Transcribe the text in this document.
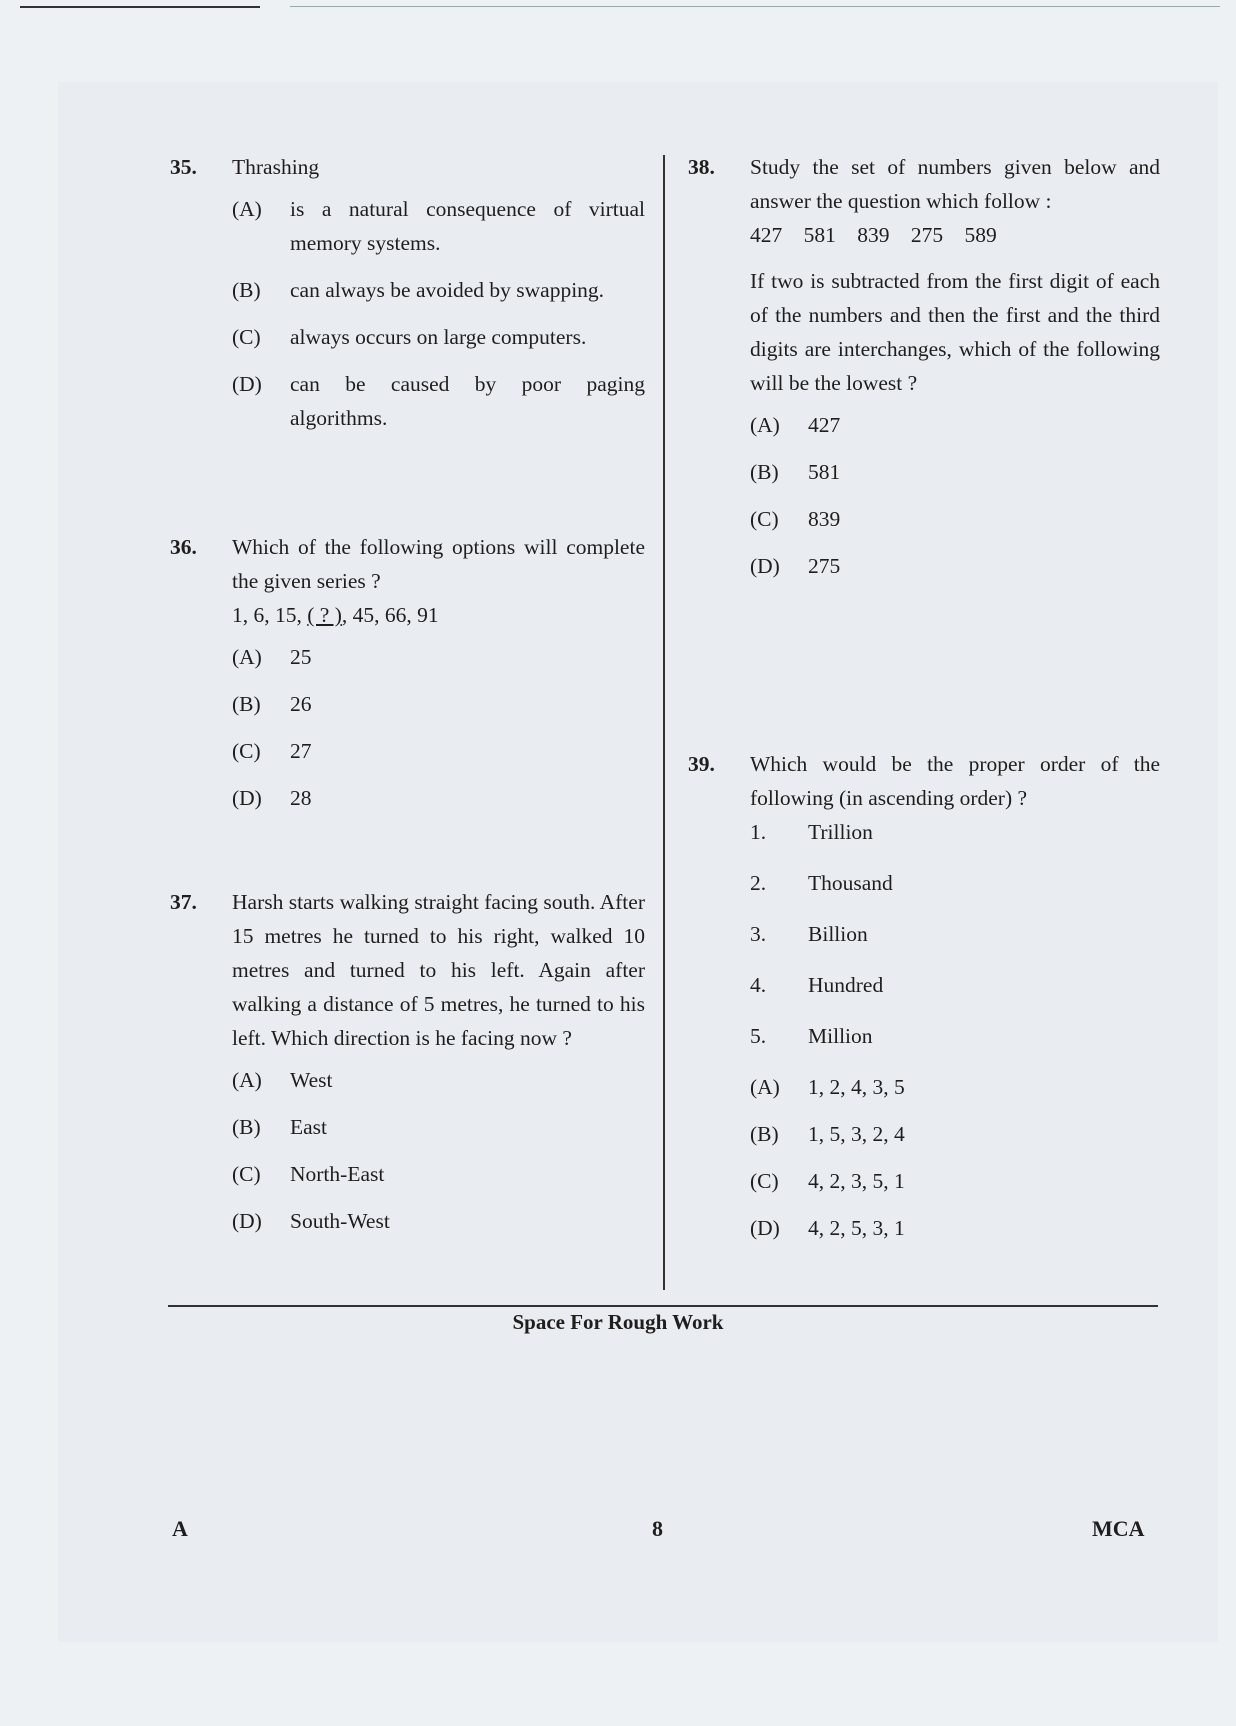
35. Thrashing
(A) is a natural consequence of virtual memory systems.
(B) can always be avoided by swapping.
(C) always occurs on large computers.
(D) can be caused by poor paging algorithms.
36. Which of the following options will complete the given series ?
1, 6, 15, ( ? ), 45, 66, 91
(A) 25
(B) 26
(C) 27
(D) 28
37. Harsh starts walking straight facing south. After 15 metres he turned to his right, walked 10 metres and turned to his left. Again after walking a distance of 5 metres, he turned to his left. Which direction is he facing now ?
(A) West
(B) East
(C) North-East
(D) South-West
38. Study the set of numbers given below and answer the question which follow :
427 581 839 275 589
If two is subtracted from the first digit of each of the numbers and then the first and the third digits are interchanges, which of the following will be the lowest ?
(A) 427
(B) 581
(C) 839
(D) 275
39. Which would be the proper order of the following (in ascending order) ?
1. Trillion
2. Thousand
3. Billion
4. Hundred
5. Million
(A) 1, 2, 4, 3, 5
(B) 1, 5, 3, 2, 4
(C) 4, 2, 3, 5, 1
(D) 4, 2, 5, 3, 1
Space For Rough Work
A	8	MCA
